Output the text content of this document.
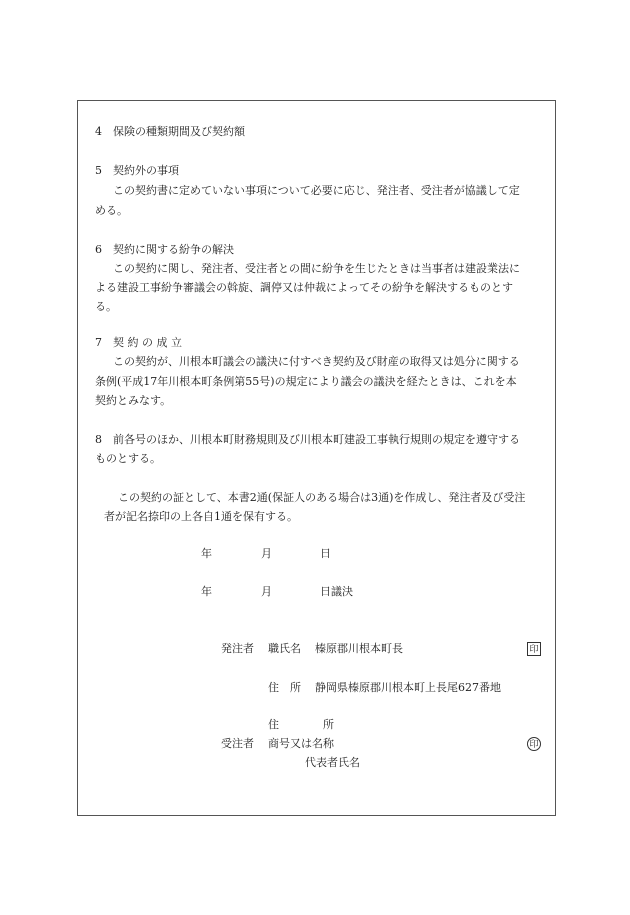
4 保険の種類期間及び契約額
5 契約外の事項
この契約書に定めていない事項について必要に応じ、発注者、受注者が協議して定
める。
6 契約に関する紛争の解決
この契約に関し、発注者、受注者との間に紛争を生じたときは当事者は建設業法に
よる建設工事紛争審議会の斡旋、調停又は仲裁によってその紛争を解決するものとす
る。
7 契 約 の 成 立
この契約が、川根本町議会の議決に付すべき契約及び財産の取得又は処分に関する
条例(平成17年川根本町条例第55号)の規定により議会の議決を経たときは、これを本
契約とみなす。
8 前各号のほか、川根本町財務規則及び川根本町建設工事執行規則の規定を遵守する
ものとする。
この契約の証として、本書2通(保証人のある場合は3通)を作成し、発注者及び受注
者が記名捺印の上各自1通を保有する。
年	月	日
年	月	日議決
発注者 職氏名 榛原郡川根本町長	印
住　所 静岡県榛原郡川根本町上長尾627番地
住　　　　所
受注者 商号又は名称	印
代表者氏名
